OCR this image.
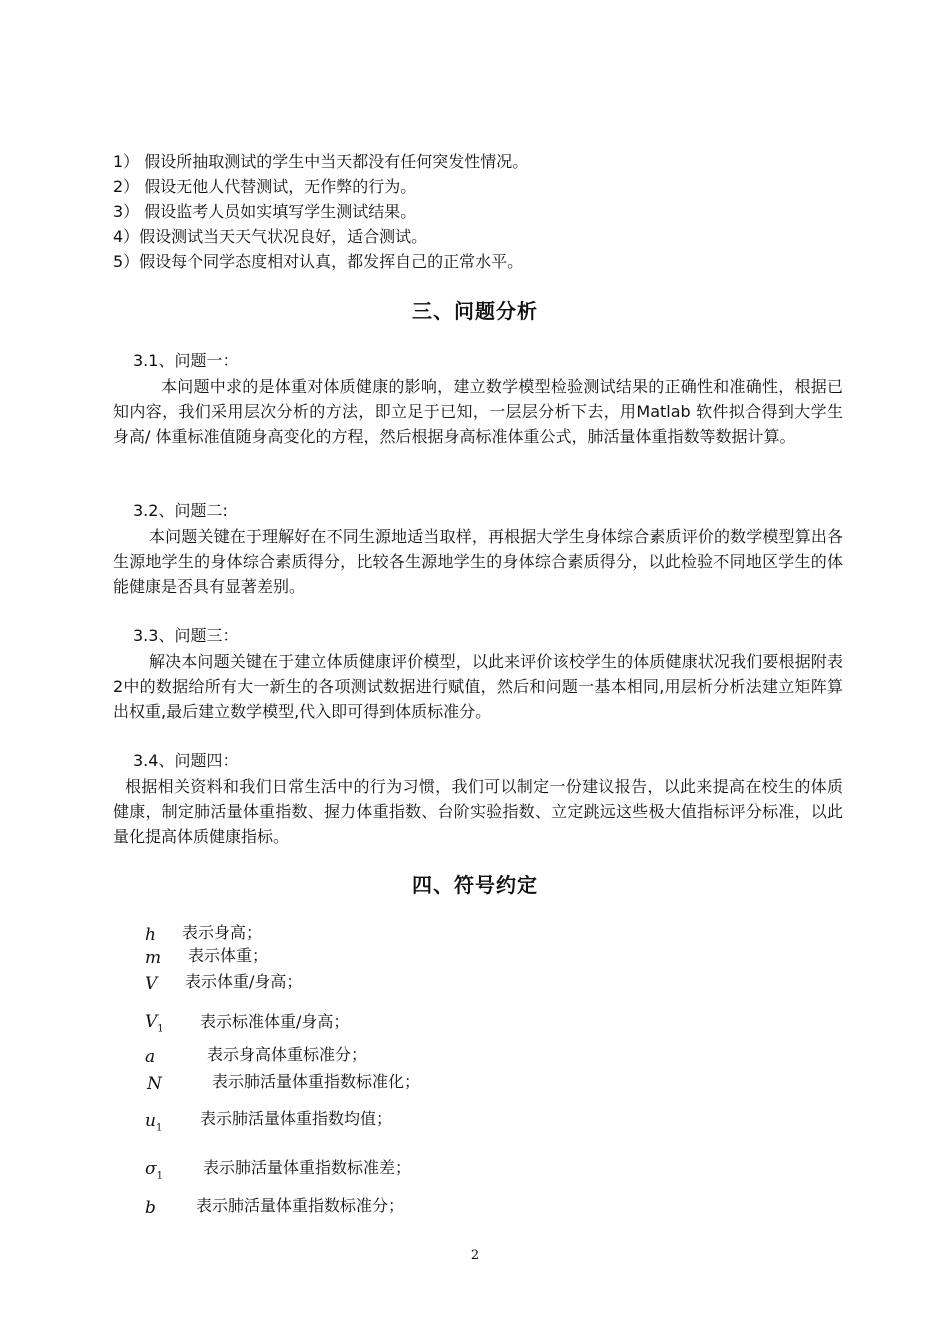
1） 假设所抽取测试的学生中当天都没有任何突发性情况。
2） 假设无他人代替测试，无作弊的行为。
3） 假设监考人员如实填写学生测试结果。
4）假设测试当天天气状况良好，适合测试。
5）假设每个同学态度相对认真，都发挥自己的正常水平。
三、问题分析
3.1、问题一：
本问题中求的是体重对体质健康的影响，建立数学模型检验测试结果的正确性和准确性，根据已知内容，我们采用层次分析的方法，即立足于已知，一层层分析下去，用Matlab 软件拟合得到大学生身高/ 体重标准值随身高变化的方程，然后根据身高标准体重公式，肺活量体重指数等数据计算。
3.2、问题二:
本问题关键在于理解好在不同生源地适当取样，再根据大学生身体综合素质评价的数学模型算出各生源地学生的身体综合素质得分，比较各生源地学生的身体综合素质得分，以此检验不同地区学生的体能健康是否具有显著差别。
3.3、问题三：
解决本问题关键在于建立体质健康评价模型，以此来评价该校学生的体质健康状况我们要根据附表2中的数据给所有大一新生的各项测试数据进行赋值，然后和问题一基本相同,用层析分析法建立矩阵算出权重,最后建立数学模型,代入即可得到体质标准分。
3.4、问题四：
根据相关资料和我们日常生活中的行为习惯，我们可以制定一份建议报告，以此来提高在校生的体质健康，制定肺活量体重指数、握力体重指数、台阶实验指数、立定跳远这些极大值指标评分标准，以此量化提高体质健康指标。
四、符号约定
h 表示身高；
m 表示体重；
V 表示体重/身高；
$V_1$ 表示标准体重/身高；
a	表示身高体重标准分；
N	表示肺活量体重指数标准化；
$u_1$ 表示肺活量体重指数均值；
$\sigma_1$	表示肺活量体重指数标准差；
b	表示肺活量体重指数标准分；
2
